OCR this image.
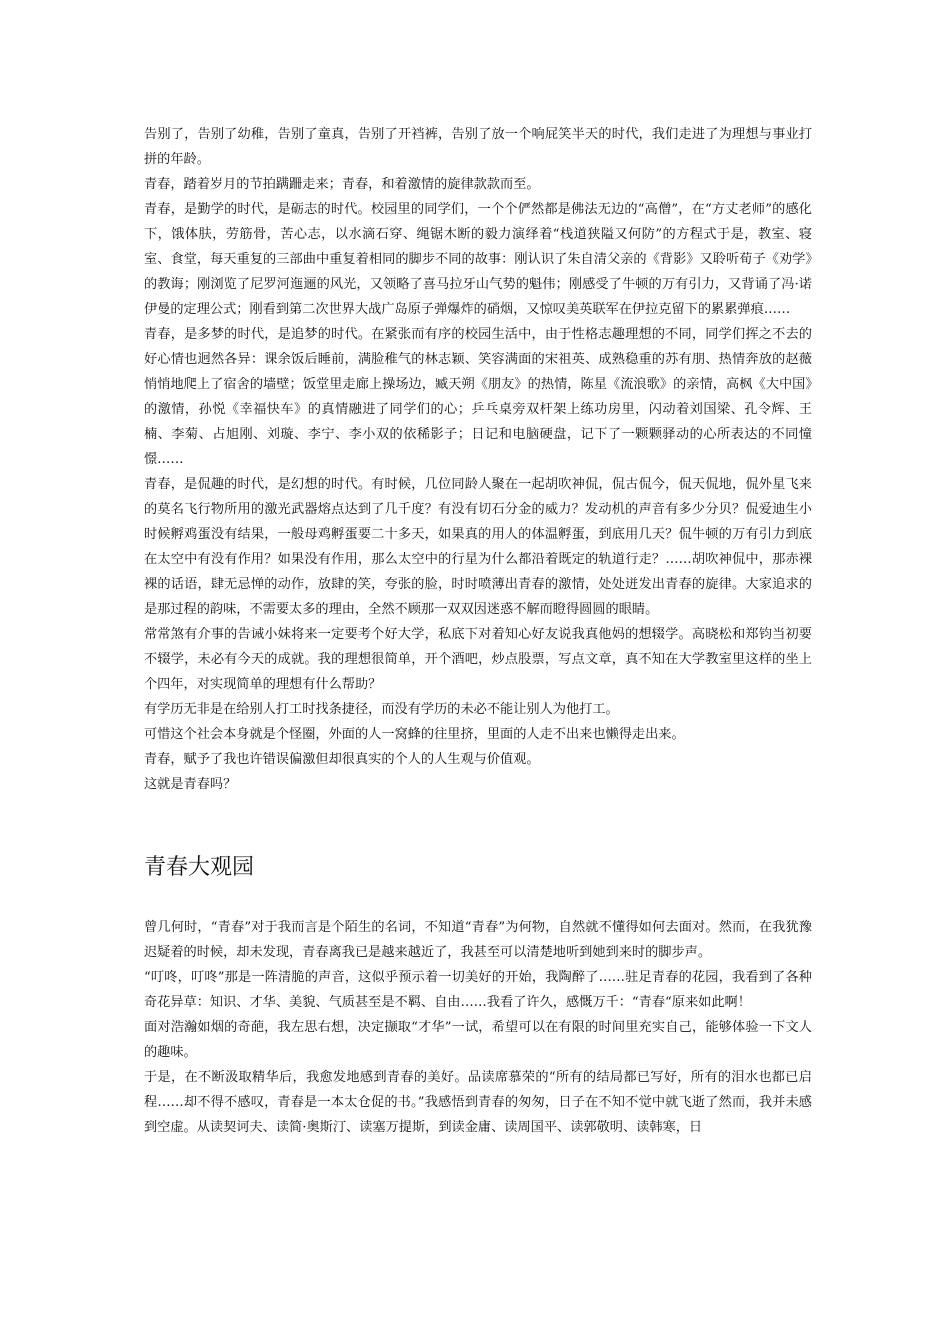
告别了，告别了幼稚，告别了童真，告别了开裆裤，告别了放一个响屁笑半天的时代，我们走进了为理想与事业打拼的年龄。

青春，踏着岁月的节拍蹒跚走来；青春，和着激情的旋律款款而至。

青春，是勤学的时代，是砺志的时代。校园里的同学们，一个个俨然都是佛法无边的“高僧”，在“方丈老师”的感化下，饿体肤，劳筋骨，苦心志，以水滴石穿、绳锯木断的毅力演绎着“栈道狭隘又何防”的方程式于是，教室、寝室、食堂，每天重复的三部曲中重复着相同的脚步不同的故事：刚认识了朱自清父亲的《背影》又聆听荀子《劝学》的教诲；刚浏览了尼罗河迤逦的风光，又领略了喜马拉牙山气势的魁伟；刚感受了牛顿的万有引力，又背诵了冯·诺伊曼的定理公式；刚看到第二次世界大战广岛原子弹爆炸的硝烟，又惊叹美英联军在伊拉克留下的累累弹痕……

青春，是多梦的时代，是追梦的时代。在紧张而有序的校园生活中，由于性格志趣理想的不同，同学们挥之不去的好心情也迥然各异：课余饭后睡前，满脸稚气的林志颖、笑容满面的宋祖英、成熟稳重的苏有朋、热情奔放的赵薇悄悄地爬上了宿舍的墙壁；饭堂里走廊上操场边，臧天朔《朋友》的热情，陈星《流浪歌》的亲情，高枫《大中国》的激情，孙悦《幸福快车》的真情融进了同学们的心；乒乓桌旁双杆架上练功房里，闪动着刘国梁、孔令辉、王楠、李菊、占旭刚、刘璇、李宁、李小双的依稀影子；日记和电脑硬盘，记下了一颗颗驿动的心所表达的不同憧憬……

青春，是侃趣的时代，是幻想的时代。有时候，几位同龄人聚在一起胡吹神侃，侃古侃今，侃天侃地，侃外星飞来的莫名飞行物所用的激光武器熔点达到了几千度？有没有切石分金的威力？发动机的声音有多少分贝？侃爱迪生小时候孵鸡蛋没有结果，一般母鸡孵蛋要二十多天，如果真的用人的体温孵蛋，到底用几天？侃牛顿的万有引力到底在太空中有没有作用？如果没有作用，那么太空中的行星为什么都沿着既定的轨道行走？……胡吹神侃中，那赤裸裸的话语，肆无忌惮的动作，放肆的笑，夸张的脸，时时喷薄出青春的激情，处处迸发出青春的旋律。大家追求的是那过程的韵味，不需要太多的理由，全然不顾那一双双因迷惑不解而瞪得圆圆的眼睛。

常常煞有介事的告诫小妹将来一定要考个好大学，私底下对着知心好友说我真他妈的想辍学。高晓松和郑钧当初要不辍学，未必有今天的成就。我的理想很简单，开个酒吧，炒点股票，写点文章，真不知在大学教室里这样的坐上个四年，对实现简单的理想有什么帮助？

有学历无非是在给别人打工时找条捷径，而没有学历的未必不能让别人为他打工。

可惜这个社会本身就是个怪圈，外面的人一窝蜂的往里挤，里面的人走不出来也懒得走出来。

青春，赋予了我也许错误偏激但却很真实的个人的人生观与价值观。

这就是青春吗？

青春大观园

曾几何时，“青春”对于我而言是个陌生的名词，不知道“青春”为何物，自然就不懂得如何去面对。然而，在我犹豫迟疑着的时候，却未发现，青春离我已是越来越近了，我甚至可以清楚地听到她到来时的脚步声。

“叮咚，叮咚”那是一阵清脆的声音，这似乎预示着一切美好的开始，我陶醉了……驻足青春的花园，我看到了各种奇花异草：知识、才华、美貌、气质甚至是不羁、自由……我看了许久，感慨万千：“青春“原来如此啊！

面对浩瀚如烟的奇葩，我左思右想，决定撷取“才华”一试，希望可以在有限的时间里充实自己，能够体验一下文人的趣味。

于是，在不断汲取精华后，我愈发地感到青春的美好。品读席慕荣的“所有的结局都已写好，所有的泪水也都已启程……却不得不感叹，青春是一本太仓促的书。”我感悟到青春的匆匆，日子在不知不觉中就飞逝了然而，我并未感到空虚。从读契诃夫、读简·奥斯汀、读塞万提斯，到读金庸、读周国平、读郭敬明、读韩寒，日
